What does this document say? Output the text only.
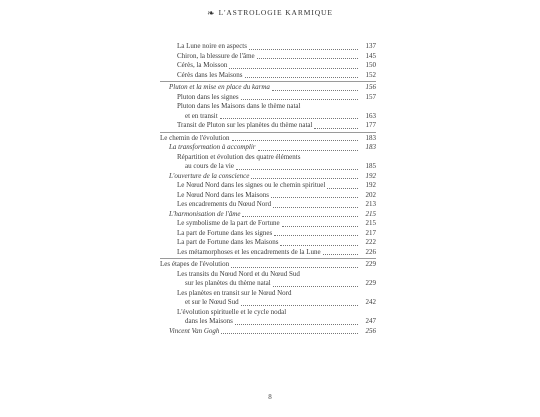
❧ L'ASTROLOGIE KARMIQUE
La Lune noire en aspects	137
Chiron, la blessure de l'âme	145
Cérès, la Moisson	150
Cérès dans les Maisons	152
Pluton et la mise en place du karma	156
Pluton dans les signes	157
Pluton dans les Maisons dans le thème natal
et en transit	163
Transit de Pluton sur les planètes du thème natal	177
Le chemin de l'évolution	183
La transformation à accomplir	183
Répartition et évolution des quatre éléments
au cours de la vie	185
L'ouverture de la conscience	192
Le Nœud Nord dans les signes ou le chemin spirituel	192
Le Nœud Nord dans les Maisons	202
Les encadrements du Nœud Nord	213
L'harmonisation de l'âme	215
Le symbolisme de la part de Fortune	215
La part de Fortune dans les signes	217
La part de Fortune dans les Maisons	222
Les métamorphoses et les encadrements de la Lune	226
Les étapes de l'évolution	229
Les transits du Nœud Nord et du Nœud Sud
sur les planètes du thème natal	229
Les planètes en transit sur le Nœud Nord
et sur le Nœud Sud	242
L'évolution spirituelle et le cycle nodal
dans les Maisons	247
Vincent Van Gogh	256
8
